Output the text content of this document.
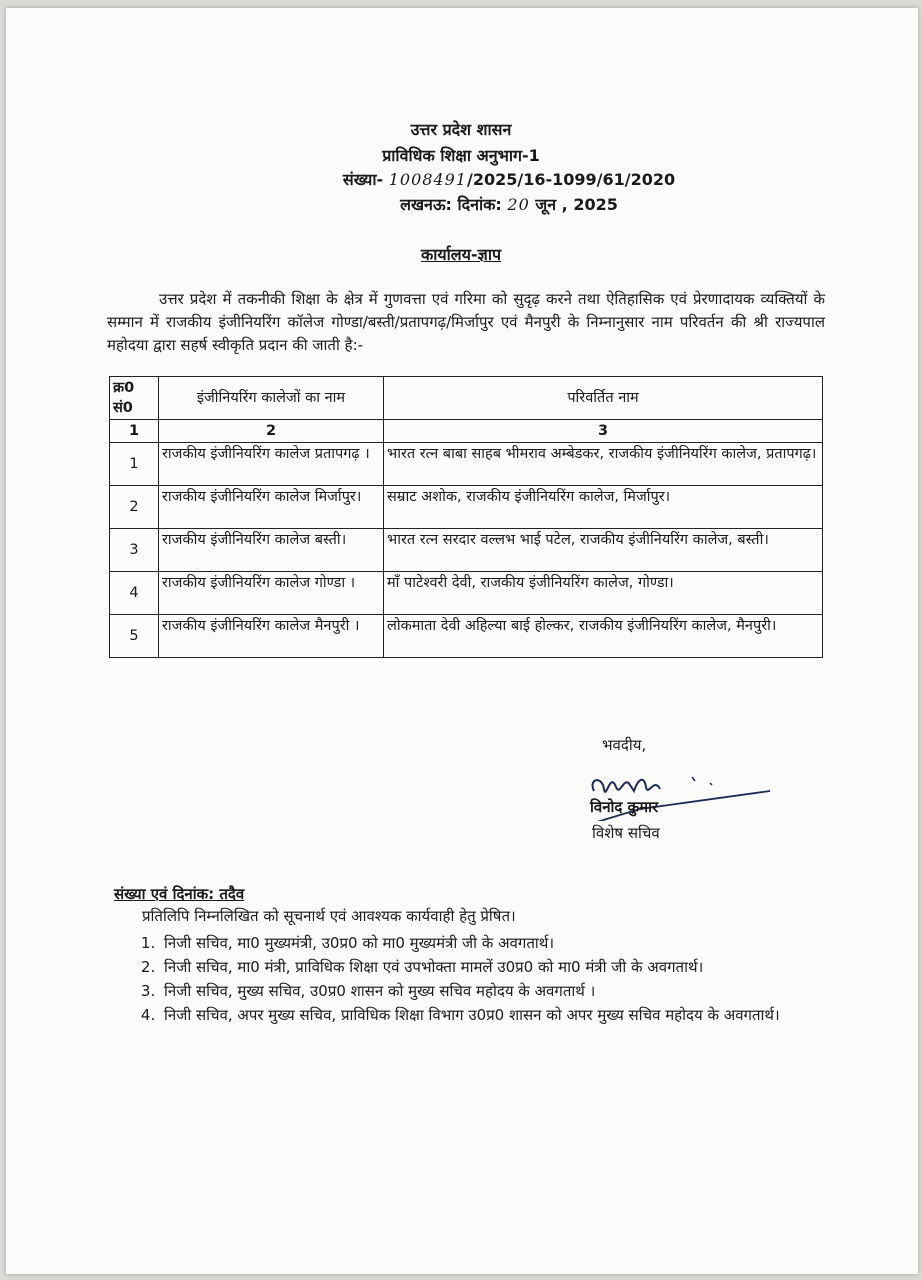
उत्तर प्रदेश शासन
प्राविधिक शिक्षा अनुभाग-1
संख्या- 1008491/2025/16-1099/61/2020
लखनऊ: दिनांक: 20 जून , 2025
कार्यालय-ज्ञाप
उत्तर प्रदेश में तकनीकी शिक्षा के क्षेत्र में गुणवत्ता एवं गरिमा को सुदृढ़ करने तथा ऐतिहासिक एवं प्रेरणादायक व्यक्तियों के सम्मान में राजकीय इंजीनियरिंग कॉलेज गोण्डा/बस्ती/प्रतापगढ़/मिर्जापुर एवं मैनपुरी के निम्नानुसार नाम परिवर्तन की श्री राज्यपाल महोदया द्वारा सहर्ष स्वीकृति प्रदान की जाती है:-
क्र0 सं0	इंजीनियरिंग कालेजों का नाम	परिवर्तित नाम
1	2	3
1	राजकीय इंजीनियरिंग कालेज प्रतापगढ़ ।	भारत रत्न बाबा साहब भीमराव अम्बेडकर, राजकीय इंजीनियरिंग कालेज, प्रतापगढ़।
2	राजकीय इंजीनियरिंग कालेज मिर्जापुर।	सम्राट अशोक, राजकीय इंजीनियरिंग कालेज, मिर्जापुर।
3	राजकीय इंजीनियरिंग कालेज बस्ती।	भारत रत्न सरदार वल्लभ भाई पटेल, राजकीय इंजीनियरिंग कालेज, बस्ती।
4	राजकीय इंजीनियरिंग कालेज गोण्डा ।	माँ पाटेश्वरी देवी, राजकीय इंजीनियरिंग कालेज, गोण्डा।
5	राजकीय इंजीनियरिंग कालेज मैनपुरी ।	लोकमाता देवी अहिल्या बाई होल्कर, राजकीय इंजीनियरिंग कालेज, मैनपुरी।
भवदीय,
विनोद कुमार
विशेष सचिव
संख्या एवं दिनांक: तदैव
प्रतिलिपि निम्नलिखित को सूचनार्थ एवं आवश्यक कार्यवाही हेतु प्रेषित।
1. निजी सचिव, मा0 मुख्यमंत्री, उ0प्र0 को मा0 मुख्यमंत्री जी के अवगतार्थ।
2. निजी सचिव, मा0 मंत्री, प्राविधिक शिक्षा एवं उपभोक्ता मामलें उ0प्र0 को मा0 मंत्री जी के अवगतार्थ।
3. निजी सचिव, मुख्य सचिव, उ0प्र0 शासन को मुख्य सचिव महोदय के अवगतार्थ ।
4. निजी सचिव, अपर मुख्य सचिव, प्राविधिक शिक्षा विभाग उ0प्र0 शासन को अपर मुख्य सचिव महोदय के अवगतार्थ।
